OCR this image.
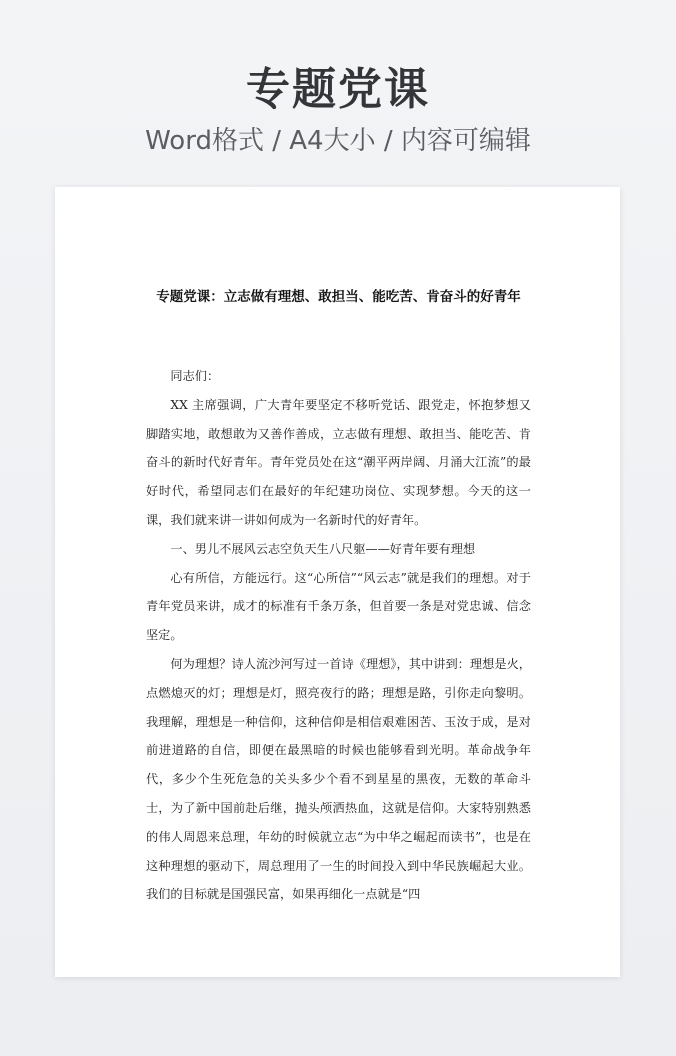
专题党课
Word格式 / A4大小 / 内容可编辑
专题党课：立志做有理想、敢担当、能吃苦、肯奋斗的好青年

同志们：

XX 主席强调，广大青年要坚定不移听党话、跟党走，怀抱梦想又脚踏实地，敢想敢为又善作善成，立志做有理想、敢担当、能吃苦、肯奋斗的新时代好青年。青年党员处在这“潮平两岸阔、月涌大江流”的最好时代，希望同志们在最好的年纪建功岗位、实现梦想。今天的这一课，我们就来讲一讲如何成为一名新时代的好青年。

一、男儿不展风云志空负天生八尺躯——好青年要有理想

心有所信，方能远行。这“心所信”“风云志”就是我们的理想。对于青年党员来讲，成才的标准有千条万条，但首要一条是对党忠诚、信念坚定。

何为理想？诗人流沙河写过一首诗《理想》，其中讲到：理想是火，点燃熄灭的灯；理想是灯，照亮夜行的路；理想是路，引你走向黎明。我理解，理想是一种信仰，这种信仰是相信艰难困苦、玉汝于成，是对前进道路的自信，即便在最黑暗的时候也能够看到光明。革命战争年代，多少个生死危急的关头多少个看不到星星的黑夜，无数的革命斗士，为了新中国前赴后继，抛头颅洒热血，这就是信仰。大家特别熟悉的伟人周恩来总理，年幼的时候就立志“为中华之崛起而读书”，也是在这种理想的驱动下，周总理用了一生的时间投入到中华民族崛起大业。我们的目标就是国强民富，如果再细化一点就是“四
